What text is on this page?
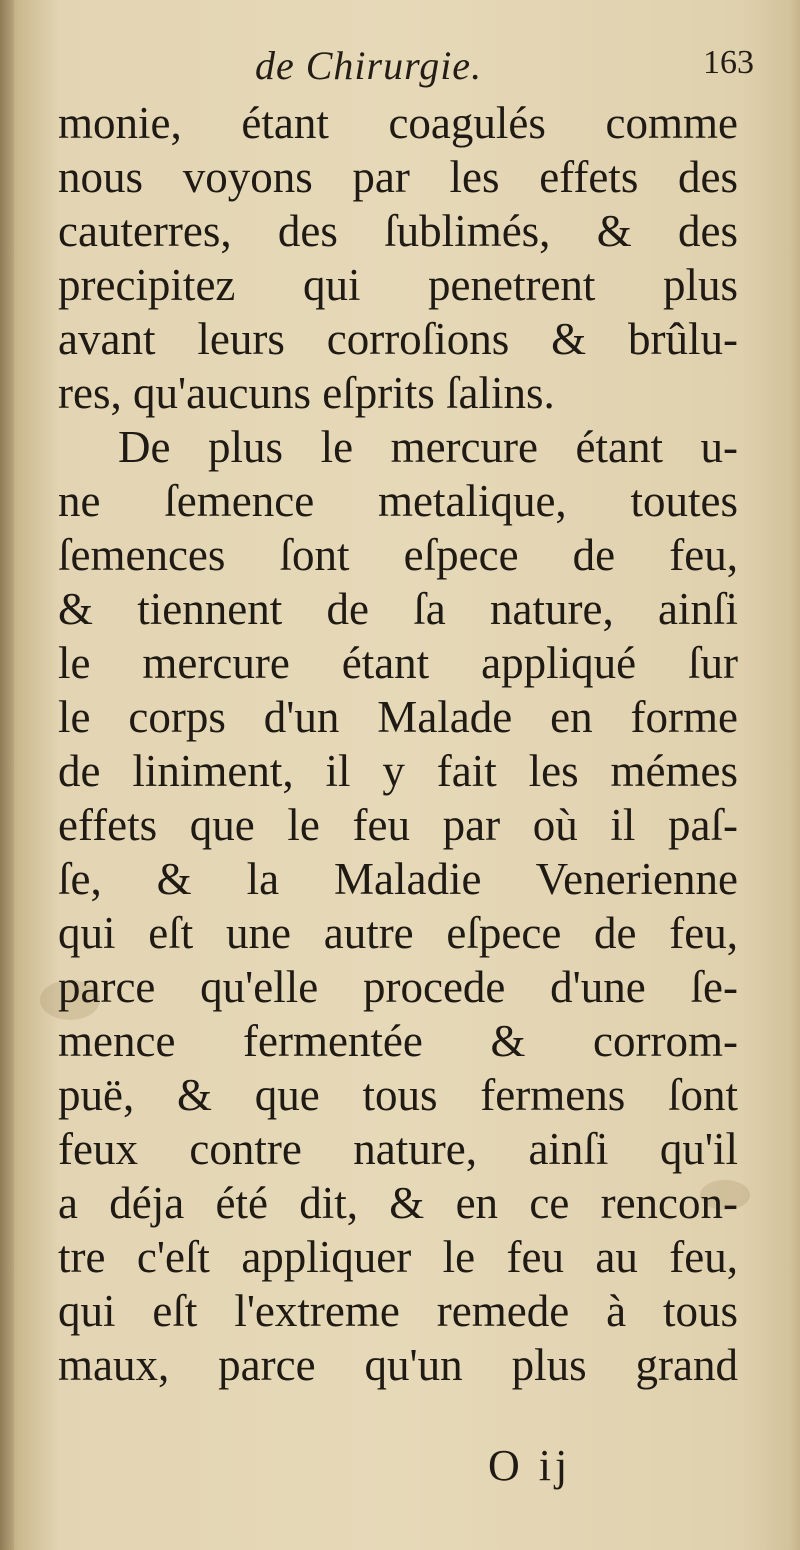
de Chirurgie.	163
monie, étant coagulés comme
nous voyons par les effets des
cauterres, des ſublimés, & des
precipitez qui penetrent plus
avant leurs corroſions & brûlu-
res, qu'aucuns eſprits ſalins.
De plus le mercure étant u-
ne ſemence metalique, toutes
ſemences ſont eſpece de feu,
& tiennent de ſa nature, ainſi
le mercure étant appliqué ſur
le corps d'un Malade en forme
de liniment, il y fait les mémes
effets que le feu par où il paſ-
ſe, & la Maladie Venerienne
qui eſt une autre eſpece de feu,
parce qu'elle procede d'une ſe-
mence fermentée & corrom-
puë, & que tous fermens ſont
feux contre nature, ainſi qu'il
a déja été dit, & en ce rencon-
tre c'eſt appliquer le feu au feu,
qui eſt l'extreme remede à tous
maux, parce qu'un plus grand
O ij
